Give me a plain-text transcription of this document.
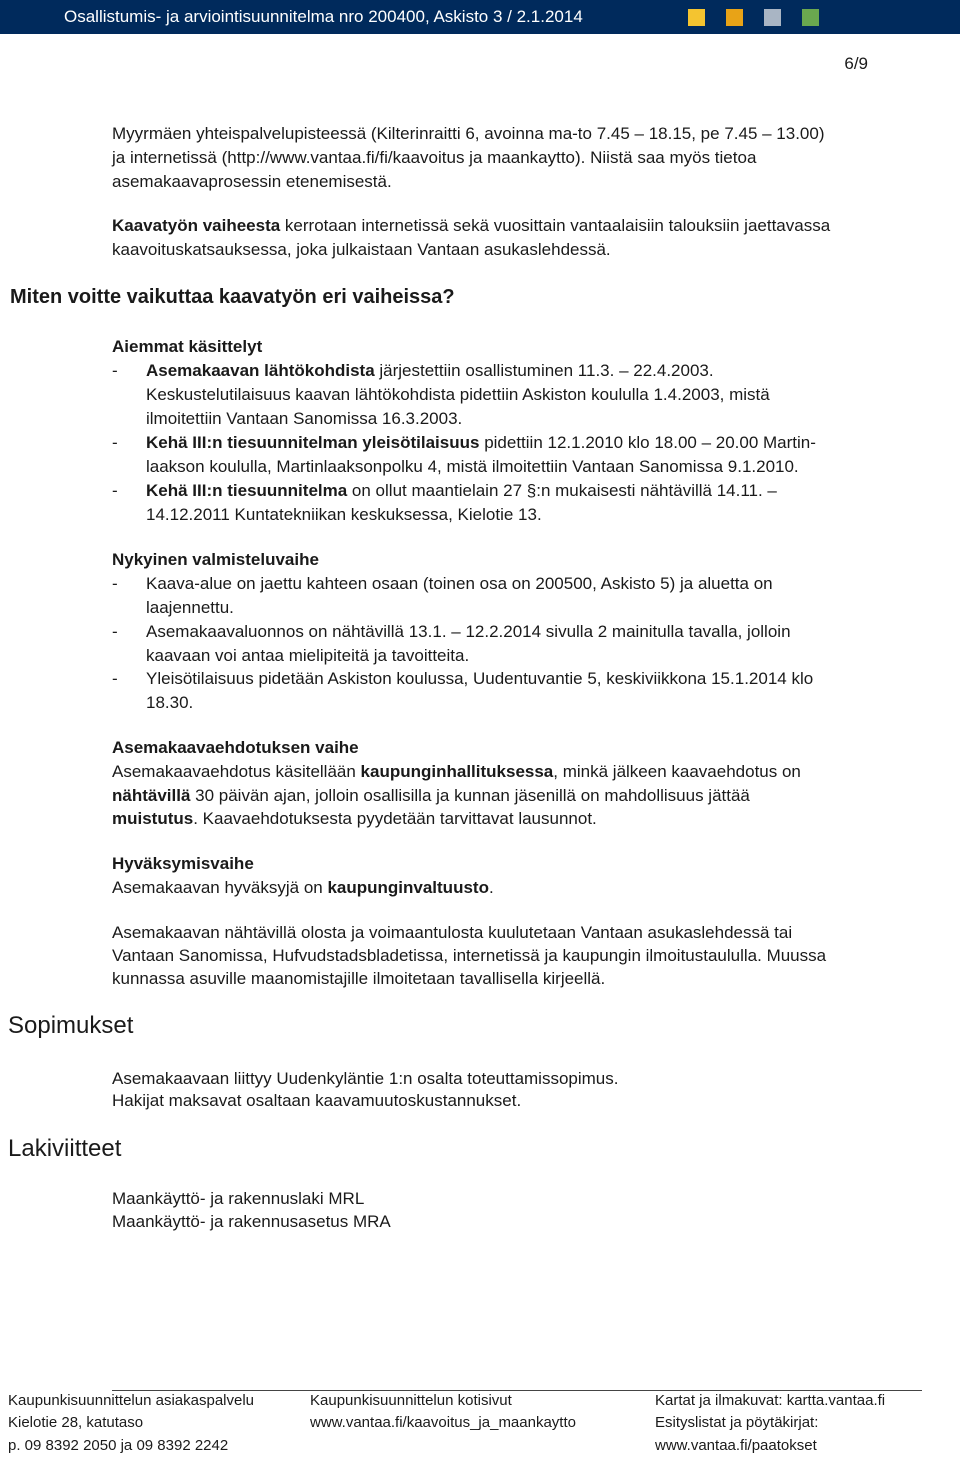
Osallistumis- ja arviointisuunnitelma nro 200400, Askisto 3 / 2.1.2014
6/9
Myyrmäen yhteispalvelupisteessä (Kilterinraitti 6, avoinna ma-to 7.45 – 18.15, pe 7.45 – 13.00)
ja internetissä (http://www.vantaa.fi/fi/kaavoitus ja maankaytto). Niistä saa myös tietoa
asemakaavaprosessin etenemisestä.
Kaavatyön vaiheesta kerrotaan internetissä sekä vuosittain vantaalaisiin talouksiin jaettavassa
kaavoituskatsauksessa, joka julkaistaan Vantaan asukaslehdessä.
Miten voitte vaikuttaa kaavatyön eri vaiheissa?
Aiemmat käsittelyt
- Asemakaavan lähtökohdista järjestettiin osallistuminen 11.3. – 22.4.2003.
Keskustelutilaisuus kaavan lähtökohdista pidettiin Askiston koululla 1.4.2003, mistä
ilmoitettiin Vantaan Sanomissa 16.3.2003.
- Kehä III:n tiesuunnitelman yleisötilaisuus pidettiin 12.1.2010 klo 18.00 – 20.00 Martin-
laakson koululla, Martinlaaksonpolku 4, mistä ilmoitettiin Vantaan Sanomissa 9.1.2010.
- Kehä III:n tiesuunnitelma on ollut maantielain 27 §:n mukaisesti nähtävillä 14.11. –
14.12.2011 Kuntatekniikan keskuksessa, Kielotie 13.
Nykyinen valmisteluvaihe
- Kaava-alue on jaettu kahteen osaan (toinen osa on 200500, Askisto 5) ja aluetta on
laajennettu.
- Asemakaavaluonnos on nähtävillä 13.1. – 12.2.2014 sivulla 2 mainitulla tavalla, jolloin
kaavaan voi antaa mielipiteitä ja tavoitteita.
- Yleisötilaisuus pidetään Askiston koulussa, Uudentuvantie 5, keskiviikkona 15.1.2014 klo
18.30.
Asemakaavaehdotuksen vaihe
Asemakaavaehdotus käsitellään kaupunginhallituksessa, minkä jälkeen kaavaehdotus on
nähtävillä 30 päivän ajan, jolloin osallisilla ja kunnan jäsenillä on mahdollisuus jättää
muistutus. Kaavaehdotuksesta pyydetään tarvittavat lausunnot.
Hyväksymisvaihe
Asemakaavan hyväksyjä on kaupunginvaltuusto.
Asemakaavan nähtävillä olosta ja voimaantulosta kuulutetaan Vantaan asukaslehdessä tai
Vantaan Sanomissa, Hufvudstadsbladetissa, internetissä ja kaupungin ilmoitustaululla. Muussa
kunnassa asuville maanomistajille ilmoitetaan tavallisella kirjeellä.
Sopimukset
Asemakaavaan liittyy Uudenkyläntie 1:n osalta toteuttamissopimus.
Hakijat maksavat osaltaan kaavamuutoskustannukset.
Lakiviitteet
Maankäyttö- ja rakennuslaki MRL
Maankäyttö- ja rakennusasetus MRA
Kaupunkisuunnittelun asiakaspalvelu
Kielotie 28, katutaso
p. 09 8392 2050 ja 09 8392 2242
Kaupunkisuunnittelun kotisivut
www.vantaa.fi/kaavoitus_ja_maankaytto
Kartat ja ilmakuvat: kartta.vantaa.fi
Esityslistat ja pöytäkirjat:
www.vantaa.fi/paatokset
